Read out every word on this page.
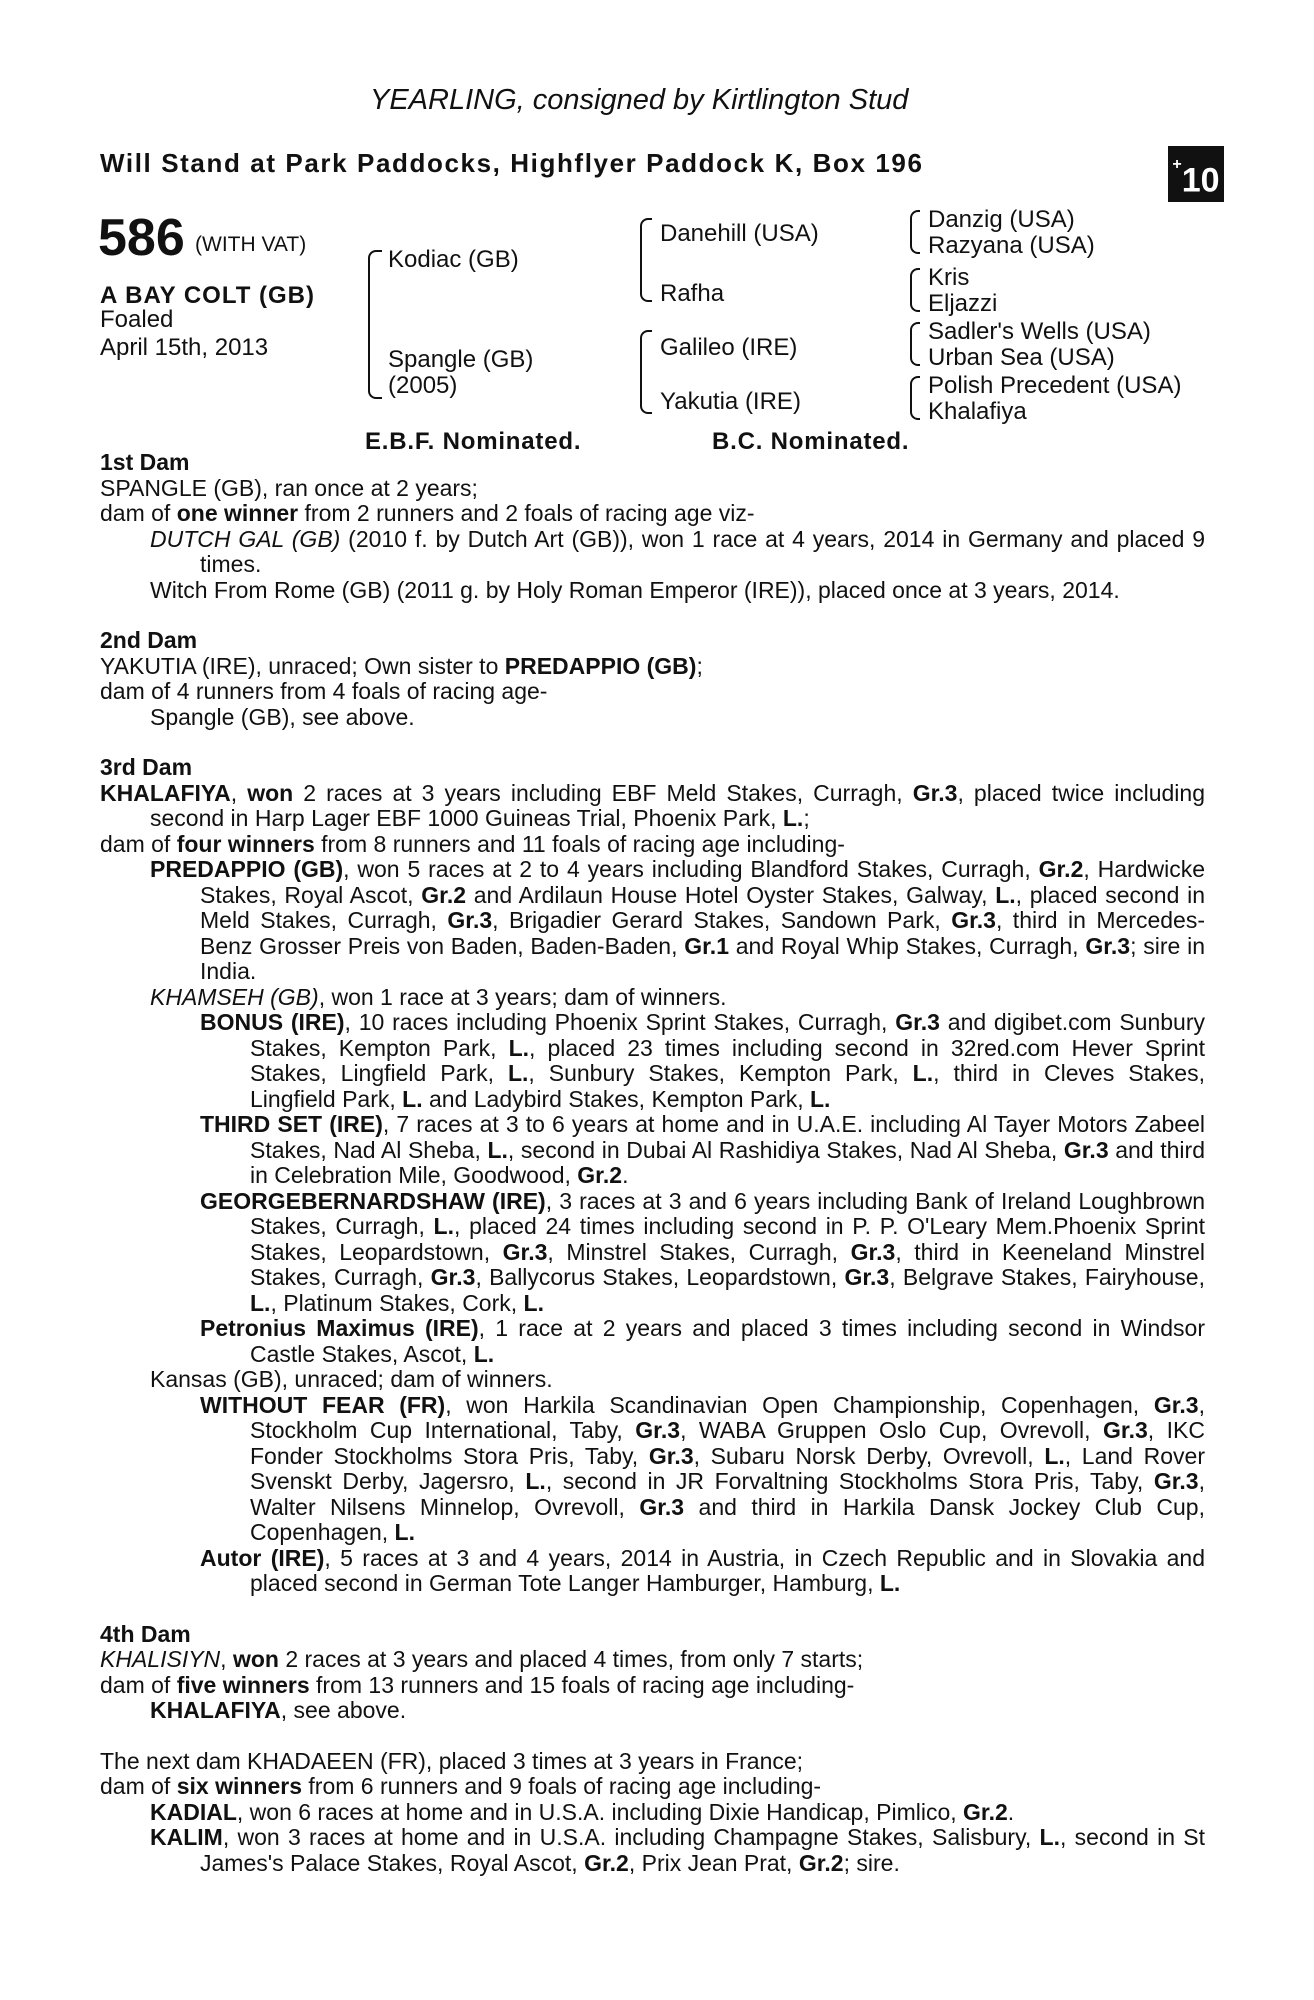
YEARLING, consigned by Kirtlington Stud
Will Stand at Park Paddocks, Highflyer Paddock K, Box 196	+10
586 (WITH VAT)
A BAY COLT (GB)
Foaled
April 15th, 2013
Kodiac (GB)
Spangle (GB)
(2005)
Danehill (USA)
Rafha
Galileo (IRE)
Yakutia (IRE)
Danzig (USA)
Razyana (USA)
Kris
Eljazzi
Sadler's Wells (USA)
Urban Sea (USA)
Polish Precedent (USA)
Khalafiya
E.B.F. Nominated.	B.C. Nominated.

1st Dam

SPANGLE (GB), ran once at 2 years;

dam of one winner from 2 runners and 2 foals of racing age viz-

DUTCH GAL (GB) (2010 f. by Dutch Art (GB)), won 1 race at 4 years, 2014 in Germany and placed 9 times.

Witch From Rome (GB) (2011 g. by Holy Roman Emperor (IRE)), placed once at 3 years, 2014.

2nd Dam

YAKUTIA (IRE), unraced; Own sister to PREDAPPIO (GB);

dam of 4 runners from 4 foals of racing age-

Spangle (GB), see above.

3rd Dam

KHALAFIYA, won 2 races at 3 years including EBF Meld Stakes, Curragh, Gr.3, placed twice including second in Harp Lager EBF 1000 Guineas Trial, Phoenix Park, L.;

dam of four winners from 8 runners and 11 foals of racing age including-

PREDAPPIO (GB), won 5 races at 2 to 4 years including Blandford Stakes, Curragh, Gr.2, Hardwicke Stakes, Royal Ascot, Gr.2 and Ardilaun House Hotel Oyster Stakes, Galway, L., placed second in Meld Stakes, Curragh, Gr.3, Brigadier Gerard Stakes, Sandown Park, Gr.3, third in Mercedes-Benz Grosser Preis von Baden, Baden-Baden, Gr.1 and Royal Whip Stakes, Curragh, Gr.3; sire in India.

KHAMSEH (GB), won 1 race at 3 years; dam of winners.

BONUS (IRE), 10 races including Phoenix Sprint Stakes, Curragh, Gr.3 and digibet.com Sunbury Stakes, Kempton Park, L., placed 23 times including second in 32red.com Hever Sprint Stakes, Lingfield Park, L., Sunbury Stakes, Kempton Park, L., third in Cleves Stakes, Lingfield Park, L. and Ladybird Stakes, Kempton Park, L.

THIRD SET (IRE), 7 races at 3 to 6 years at home and in U.A.E. including Al Tayer Motors Zabeel Stakes, Nad Al Sheba, L., second in Dubai Al Rashidiya Stakes, Nad Al Sheba, Gr.3 and third in Celebration Mile, Goodwood, Gr.2.

GEORGEBERNARDSHAW (IRE), 3 races at 3 and 6 years including Bank of Ireland Loughbrown Stakes, Curragh, L., placed 24 times including second in P. P. O'Leary Mem.Phoenix Sprint Stakes, Leopardstown, Gr.3, Minstrel Stakes, Curragh, Gr.3, third in Keeneland Minstrel Stakes, Curragh, Gr.3, Ballycorus Stakes, Leopardstown, Gr.3, Belgrave Stakes, Fairyhouse, L., Platinum Stakes, Cork, L.

Petronius Maximus (IRE), 1 race at 2 years and placed 3 times including second in Windsor Castle Stakes, Ascot, L.

Kansas (GB), unraced; dam of winners.

WITHOUT FEAR (FR), won Harkila Scandinavian Open Championship, Copenhagen, Gr.3, Stockholm Cup International, Taby, Gr.3, WABA Gruppen Oslo Cup, Ovrevoll, Gr.3, IKC Fonder Stockholms Stora Pris, Taby, Gr.3, Subaru Norsk Derby, Ovrevoll, L., Land Rover Svenskt Derby, Jagersro, L., second in JR Forvaltning Stockholms Stora Pris, Taby, Gr.3, Walter Nilsens Minnelop, Ovrevoll, Gr.3 and third in Harkila Dansk Jockey Club Cup, Copenhagen, L.

Autor (IRE), 5 races at 3 and 4 years, 2014 in Austria, in Czech Republic and in Slovakia and placed second in German Tote Langer Hamburger, Hamburg, L.

4th Dam

KHALISIYN, won 2 races at 3 years and placed 4 times, from only 7 starts;

dam of five winners from 13 runners and 15 foals of racing age including-

KHALAFIYA, see above.

The next dam KHADAEEN (FR), placed 3 times at 3 years in France;

dam of six winners from 6 runners and 9 foals of racing age including-

KADIAL, won 6 races at home and in U.S.A. including Dixie Handicap, Pimlico, Gr.2.

KALIM, won 3 races at home and in U.S.A. including Champagne Stakes, Salisbury, L., second in St James's Palace Stakes, Royal Ascot, Gr.2, Prix Jean Prat, Gr.2; sire.
